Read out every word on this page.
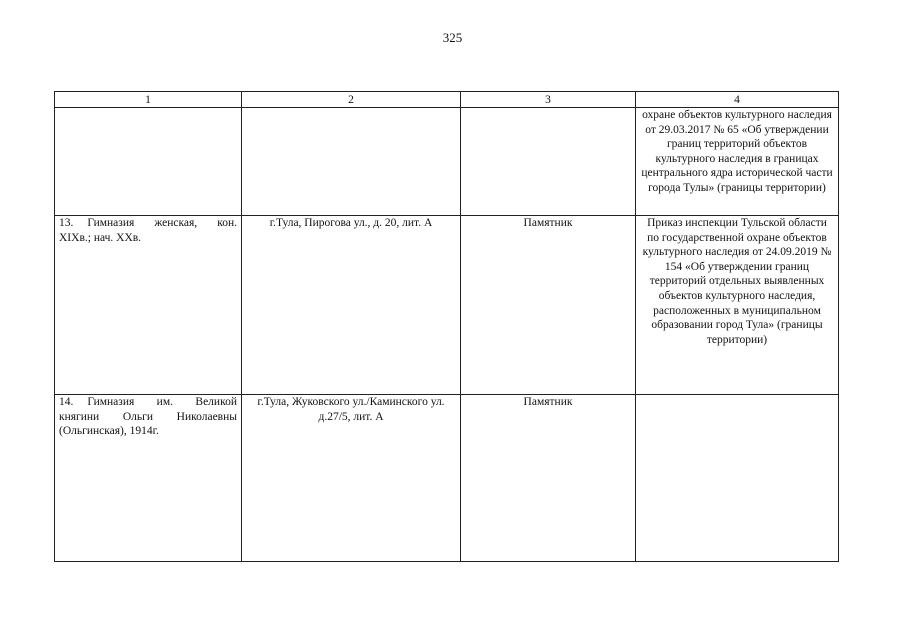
325
1	2	3	4
			охране объектов культурного наследия от 29.03.2017 № 65 «Об утверждении границ территорий объектов культурного наследия в границах центрального ядра исторической части города Тулы» (границы территории)
13. Гимназия женская, кон. XIXв.; нач. XXв.	г.Тула, Пирогова ул., д. 20, лит. А	Памятник	Приказ инспекции Тульской области по государственной охране объектов культурного наследия от 24.09.2019 № 154 «Об утверждении границ территорий отдельных выявленных объектов культурного наследия, расположенных в муниципальном образовании город Тула» (границы территории)
14. Гимназия им. Великой княгини Ольги Николаевны (Ольгинская), 1914г.	г.Тула, Жуковского ул./Каминского ул. д.27/5, лит. А	Памятник	
